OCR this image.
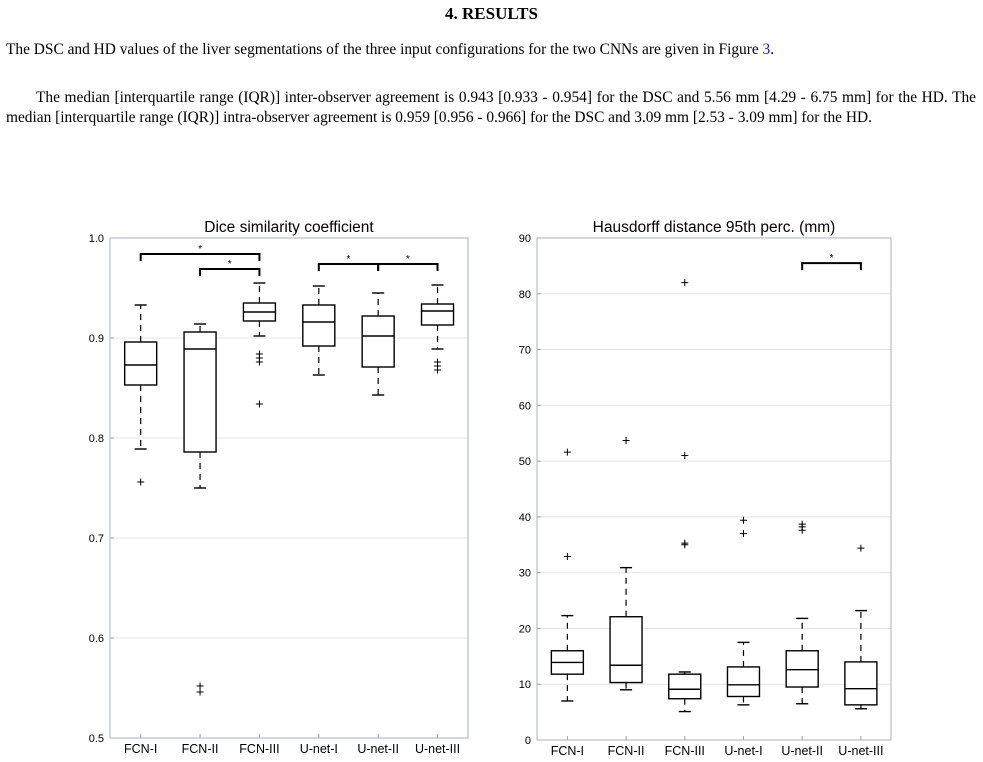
4. RESULTS

The DSC and HD values of the liver segmentations of the three input configurations for the two CNNs are given in Figure 3.

The median [interquartile range (IQR)] inter-observer agreement is 0.943 [0.933 - 0.954] for the DSC and 5.56 mm [4.29 - 6.75 mm] for the HD. The median [interquartile range (IQR)] intra-observer agreement is 0.959 [0.956 - 0.966] for the DSC and 3.09 mm [2.53 - 3.09 mm] for the HD.

0.5
0.6
0.7
0.8
0.9
1.0
Dice similarity coefficient
FCN-I FCN-II FCN-III U-net-I U-net-II U-net-III
*
*	*	*
0
10
20
30
40
50
60
70
80
90
Hausdorff distance 95th perc. (mm)
FCN-I FCN-II FCN-III U-net-I U-net-II U-net-III
*
